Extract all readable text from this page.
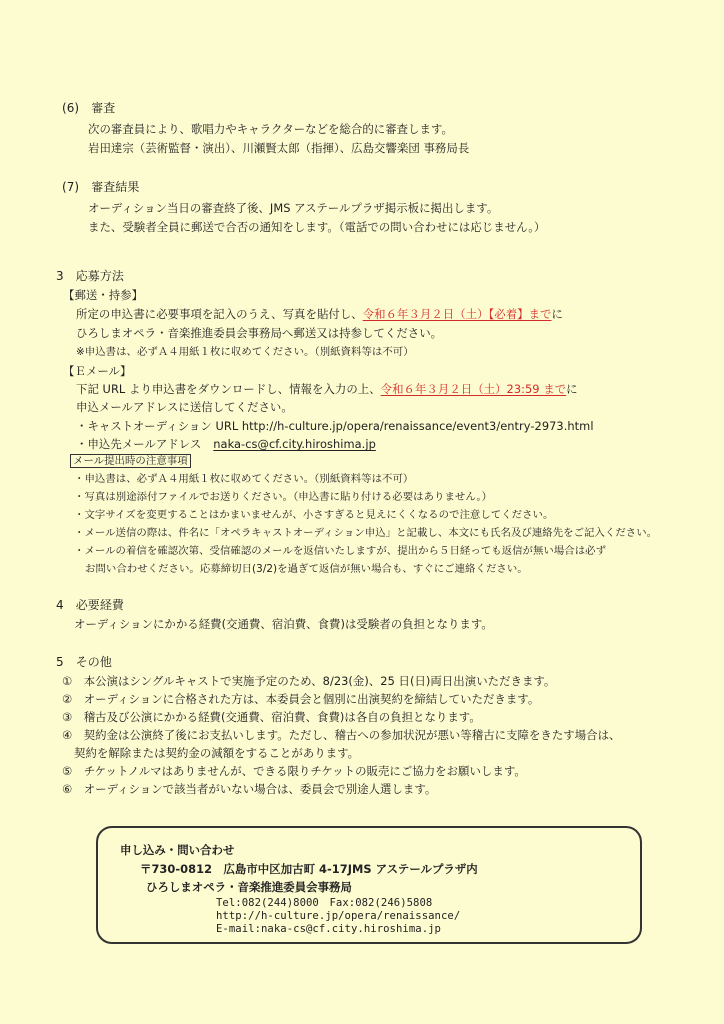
(6)　審査
次の審査員により、歌唱力やキャラクターなどを総合的に審査します。
岩田達宗（芸術監督・演出）、川瀬賢太郎（指揮）、広島交響楽団 事務局長
(7)　審査結果
オーディション当日の審査終了後、JMS アステールプラザ掲示板に掲出します。
また、受験者全員に郵送で合否の通知をします。（電話での問い合わせには応じません。）
3　応募方法
【郵送・持参】
所定の申込書に必要事項を記入のうえ、写真を貼付し、令和６年３月２日（土）【必着】までに
ひろしまオペラ・音楽推進委員会事務局へ郵送又は持参してください。
※申込書は、必ずＡ４用紙１枚に収めてください。（別紙資料等は不可）
【Ｅメール】
下記 URL より申込書をダウンロードし、情報を入力の上、令和６年３月２日（土）23:59 までに
申込メールアドレスに送信してください。
・キャストオーディション URL http://h-culture.jp/opera/renaissance/event3/entry-2973.html
・申込先メールアドレス naka-cs@cf.city.hiroshima.jp
メール提出時の注意事項
・申込書は、必ずＡ４用紙１枚に収めてください。（別紙資料等は不可）
・写真は別途添付ファイルでお送りください。（申込書に貼り付ける必要はありません。）
・文字サイズを変更することはかまいませんが、小さすぎると見えにくくなるので注意してください。
・メール送信の際は、件名に「オペラキャストオーディション申込」と記載し、本文にも氏名及び連絡先をご記入ください。
・メールの着信を確認次第、受信確認のメールを返信いたしますが、提出から５日経っても返信が無い場合は必ず
お問い合わせください。応募締切日(3/2)を過ぎて返信が無い場合も、すぐにご連絡ください。
4　必要経費
オーディションにかかる経費(交通費、宿泊費、食費)は受験者の負担となります。
5　その他
①　本公演はシングルキャストで実施予定のため、8/23(金)、25 日(日)両日出演いただきます。
②　オーディションに合格された方は、本委員会と個別に出演契約を締結していただきます。
③　稽古及び公演にかかる経費(交通費、宿泊費、食費)は各自の負担となります。
④　契約金は公演終了後にお支払いします。ただし、稽古への参加状況が悪い等稽古に支障をきたす場合は、
契約を解除または契約金の減額をすることがあります。
⑤　チケットノルマはありませんが、できる限りチケットの販売にご協力をお願いします。
⑥　オーディションで該当者がいない場合は、委員会で別途人選します。
申し込み・問い合わせ
〒730-0812　広島市中区加古町 4-17JMS アステールプラザ内
ひろしまオペラ・音楽推進委員会事務局
Tel:082(244)8000　Fax:082(246)5808
http://h-culture.jp/opera/renaissance/
E-mail:naka-cs@cf.city.hiroshima.jp
